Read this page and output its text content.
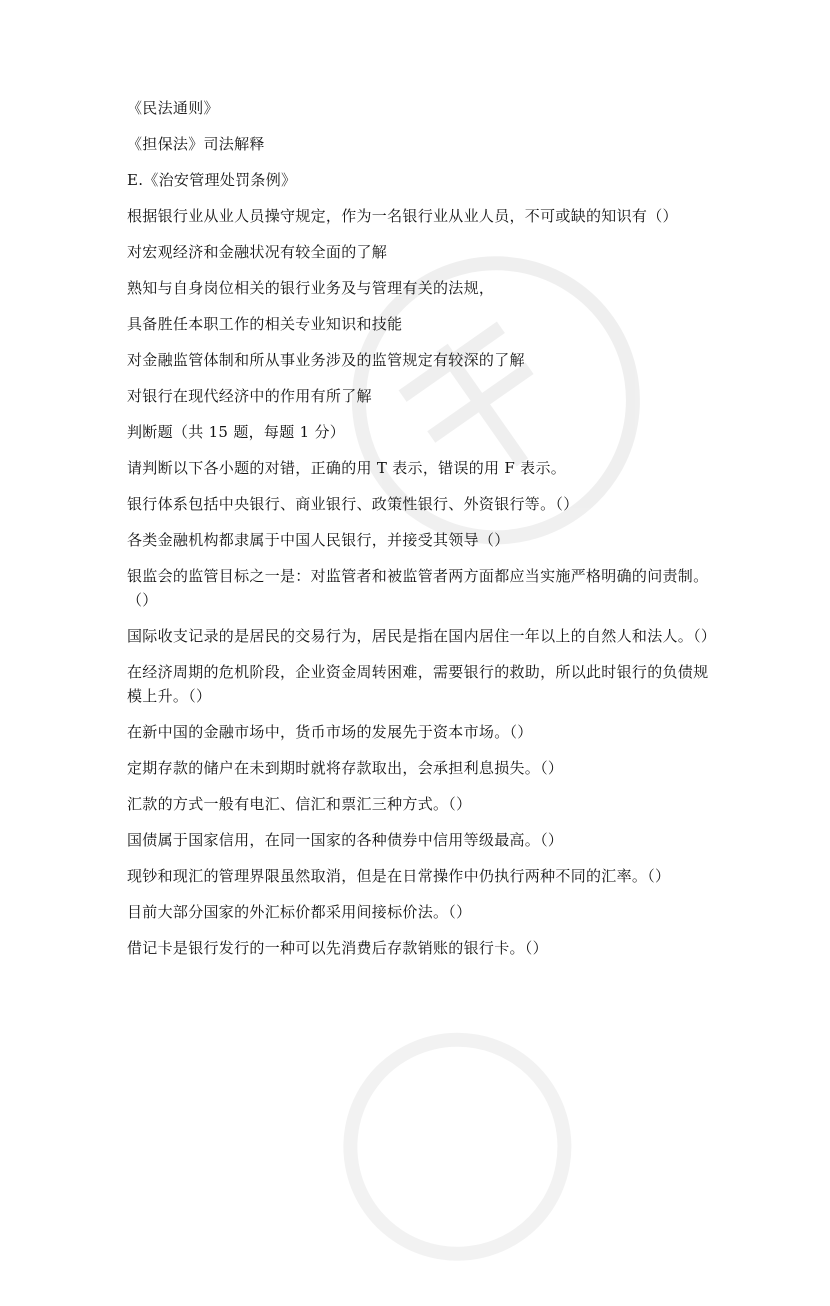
《民法通则》

《担保法》司法解释

E.《治安管理处罚条例》

根据银行业从业人员操守规定，作为一名银行业从业人员，不可或缺的知识有（）

对宏观经济和金融状况有较全面的了解

熟知与自身岗位相关的银行业务及与管理有关的法规，

具备胜任本职工作的相关专业知识和技能

对金融监管体制和所从事业务涉及的监管规定有较深的了解

对银行在现代经济中的作用有所了解

判断题（共 15 题，每题 1 分）

请判断以下各小题的对错，正确的用 T 表示，错误的用 F 表示。

银行体系包括中央银行、商业银行、政策性银行、外资银行等。（）

各类金融机构都隶属于中国人民银行，并接受其领导（）

银监会的监管目标之一是：对监管者和被监管者两方面都应当实施严格明确的问责制。（）

国际收支记录的是居民的交易行为，居民是指在国内居住一年以上的自然人和法人。（）

在经济周期的危机阶段，企业资金周转困难，需要银行的救助，所以此时银行的负债规模上升。（）

在新中国的金融市场中，货币市场的发展先于资本市场。（）

定期存款的储户在未到期时就将存款取出，会承担利息损失。（）

汇款的方式一般有电汇、信汇和票汇三种方式。（）

国债属于国家信用，在同一国家的各种债券中信用等级最高。（）

现钞和现汇的管理界限虽然取消，但是在日常操作中仍执行两种不同的汇率。（）

目前大部分国家的外汇标价都采用间接标价法。（）

借记卡是银行发行的一种可以先消费后存款销账的银行卡。（）
